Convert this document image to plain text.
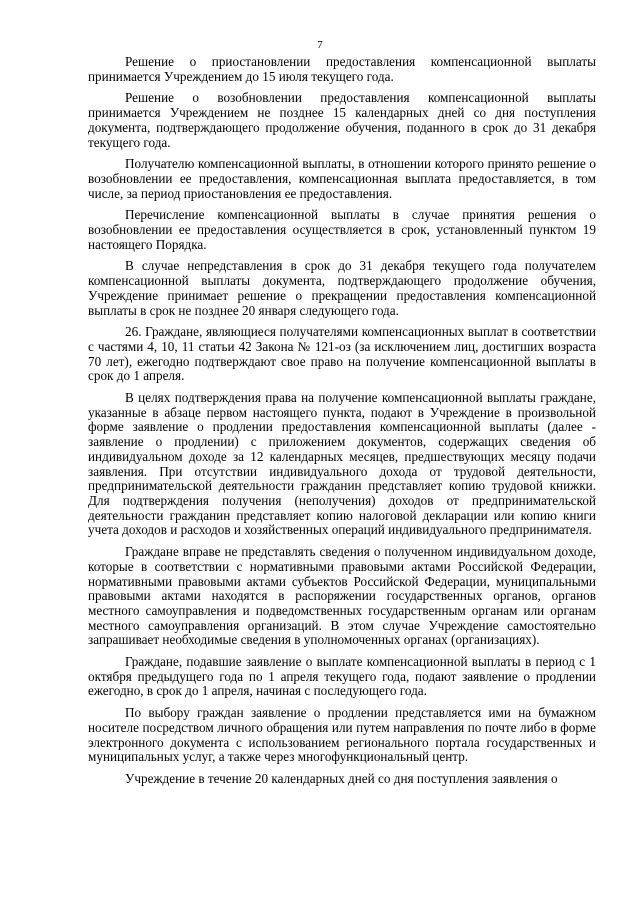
7

Решение о приостановлении предоставления компенсационной выплаты принимается Учреждением до 15 июля текущего года.

Решение о возобновлении предоставления компенсационной выплаты принимается Учреждением не позднее 15 календарных дней со дня поступления документа, подтверждающего продолжение обучения, поданного в срок до 31 декабря текущего года.

Получателю компенсационной выплаты, в отношении которого принято решение о возобновлении ее предоставления, компенсационная выплата предоставляется, в том числе, за период приостановления ее предоставления.

Перечисление компенсационной выплаты в случае принятия решения о возобновлении ее предоставления осуществляется в срок, установленный пунктом 19 настоящего Порядка.

В случае непредставления в срок до 31 декабря текущего года получателем компенсационной выплаты документа, подтверждающего продолжение обучения, Учреждение принимает решение о прекращении предоставления компенсационной выплаты в срок не позднее 20 января следующего года.

26. Граждане, являющиеся получателями компенсационных выплат в соответствии с частями 4, 10, 11 статьи 42 Закона № 121-оз (за исключением лиц, достигших возраста 70 лет), ежегодно подтверждают свое право на получение компенсационной выплаты в срок до 1 апреля.

В целях подтверждения права на получение компенсационной выплаты граждане, указанные в абзаце первом настоящего пункта, подают в Учреждение в произвольной форме заявление о продлении предоставления компенсационной выплаты (далее - заявление о продлении) с приложением документов, содержащих сведения об индивидуальном доходе за 12 календарных месяцев, предшествующих месяцу подачи заявления. При отсутствии индивидуального дохода от трудовой деятельности, предпринимательской деятельности гражданин представляет копию трудовой книжки. Для подтверждения получения (неполучения) доходов от предпринимательской деятельности гражданин представляет копию налоговой декларации или копию книги учета доходов и расходов и хозяйственных операций индивидуального предпринимателя.

Граждане вправе не представлять сведения о полученном индивидуальном доходе, которые в соответствии с нормативными правовыми актами Российской Федерации, нормативными правовыми актами субъектов Российской Федерации, муниципальными правовыми актами находятся в распоряжении государственных органов, органов местного самоуправления и подведомственных государственным органам или органам местного самоуправления организаций. В этом случае Учреждение самостоятельно запрашивает необходимые сведения в уполномоченных органах (организациях).

Граждане, подавшие заявление о выплате компенсационной выплаты в период с 1 октября предыдущего года по 1 апреля текущего года, подают заявление о продлении ежегодно, в срок до 1 апреля, начиная с последующего года.

По выбору граждан заявление о продлении представляется ими на бумажном носителе посредством личного обращения или путем направления по почте либо в форме электронного документа с использованием регионального портала государственных и муниципальных услуг, а также через многофункциональный центр.

Учреждение в течение 20 календарных дней со дня поступления заявления о
